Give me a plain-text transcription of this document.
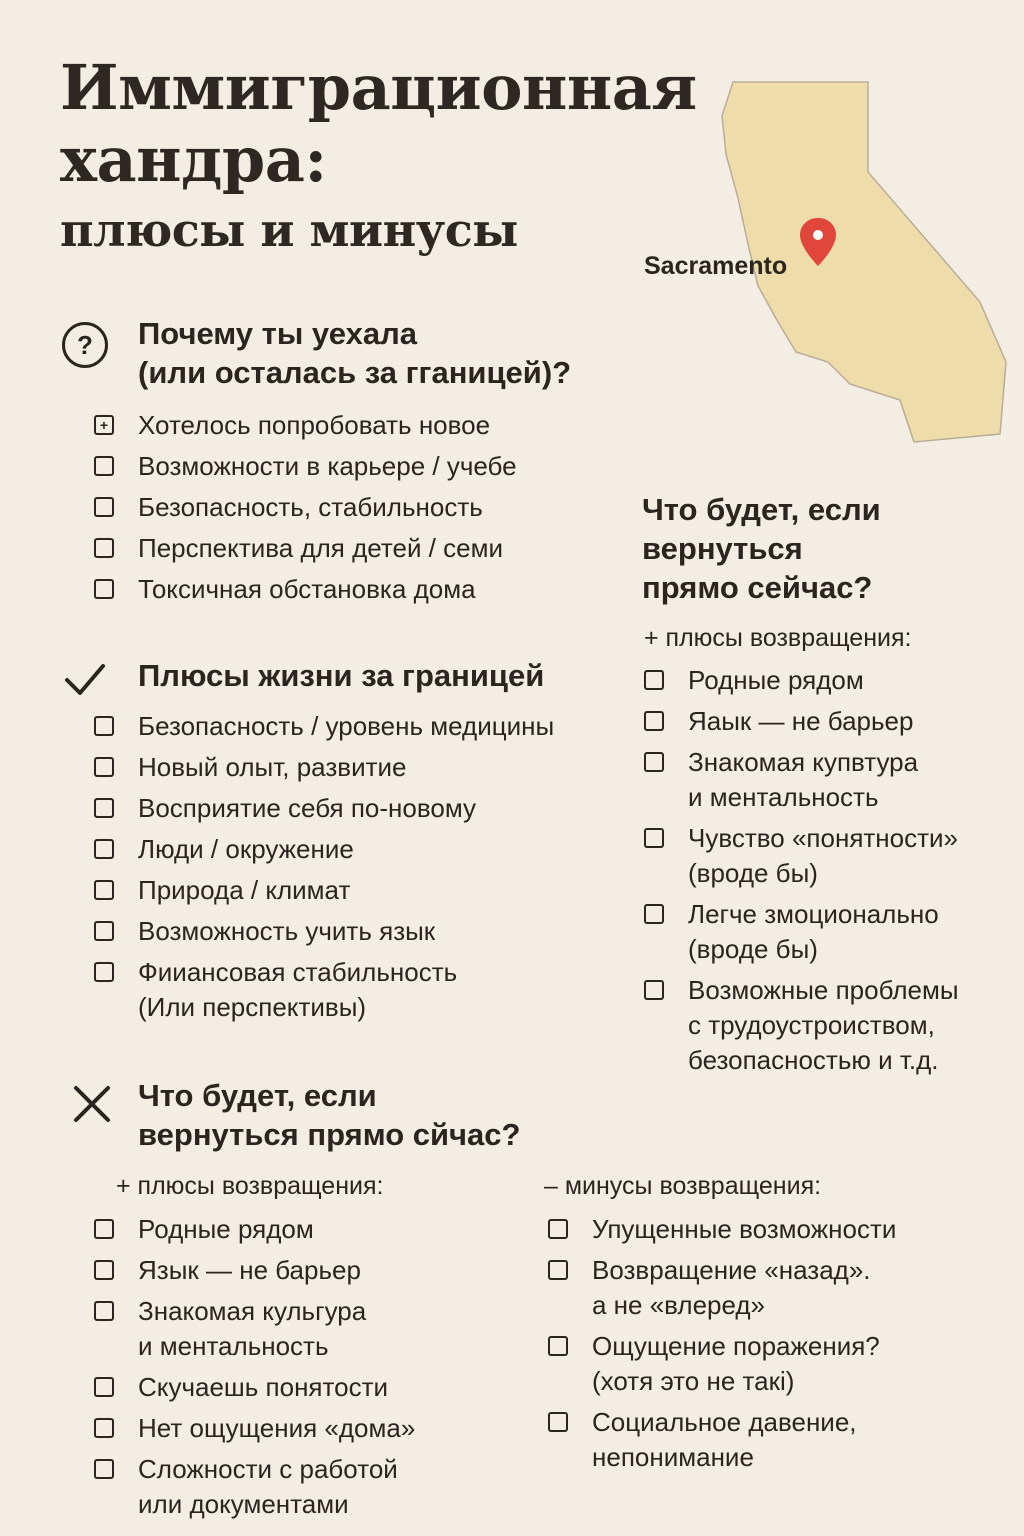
Иммиграционная
хандра:
плюсы и минусы
Sacramento
?	Почему ты уехала
(или осталась за гганицей)?
+ Хотелось попробовать новое
Возможности в карьере / учебе
Безопасность, стабильность
Перспектива для детей / семи
Токсичная обстановка дома
Плюсы жизни за границей
Безопасность / уровень медицины
Новый олыт, развитие
Восприятие себя по-новому
Люди / окружение
Природа / климат
Возможность учить язык
Фииансовая стабильность
(Или перспективы)
Что будет, если
вернуться
прямо сейчас?
+ плюсы возвращения:
Родные рядом
Яаык — не барьер
Знакомая купвтура
и ментальность
Чувство «понятности»
(вроде бы)
Легче змоционально
(вроде бы)
Возможные проблемы
с трудоустроиством,
безопасностью и т.д.
Что будет, если
вернуться прямо сйчас?
+ плюсы возвращения:
Родные рядом
Язык — не барьер
Знакомая кульгура
и ментальность
Скучаешь понятости
Нет ощущения «дома»
Сложности с работой
или документами
– минусы возвращения:
Упущенные возможности
Возвращение «назад».
а не «влеред»
Ощущение поражения?
(хотя это не такі)
Социальное давение,
непонимание
